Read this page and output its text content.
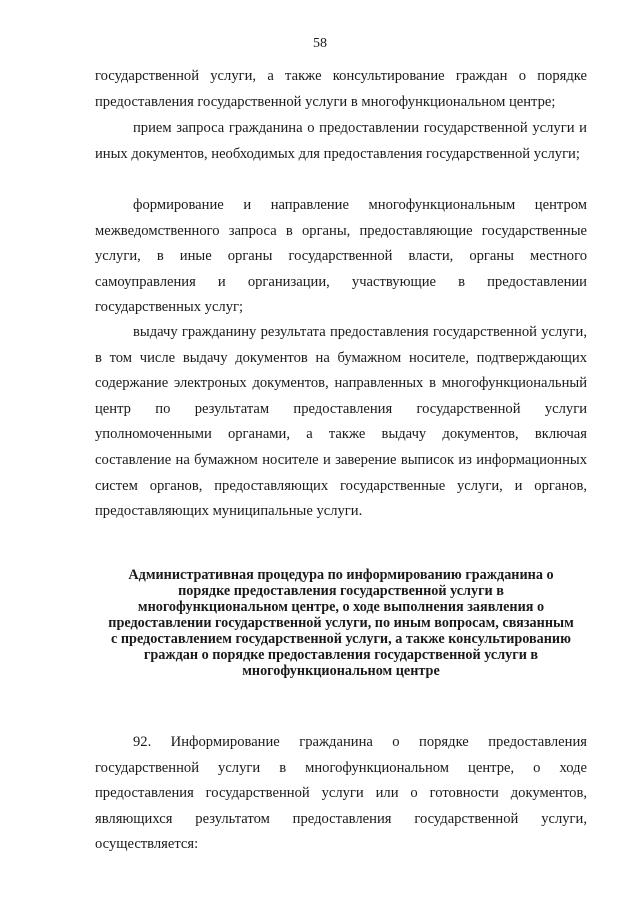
58

государственной услуги, а также консультирование граждан о порядке предоставления государственной услуги в многофункциональном центре;

прием запроса гражданина о предоставлении государственной услуги и иных документов, необходимых для предоставления государственной услуги;

формирование и направление многофункциональным центром межведомственного запроса в органы, предоставляющие государственные услуги, в иные органы государственной власти, органы местного самоуправления и организации, участвующие в предоставлении государственных услуг;

выдачу гражданину результата предоставления государственной услуги, в том числе выдачу документов на бумажном носителе, подтверждающих содержание электроных документов, направленных в многофункциональный центр по результатам предоставления государственной услуги уполномоченными органами, а также выдачу документов, включая составление на бумажном носителе и заверение выписок из информационных систем органов, предоставляющих государственные услуги, и органов, предоставляющих муниципальные услуги.

Административная процедура по информированию гражданина о
порядке предоставления государственной услуги в
многофункциональном центре, о ходе выполнения заявления о
предоставлении государственной услуги, по иным вопросам, связанным
с предоставлением государственной услуги, а также консультированию
граждан о порядке предоставления государственной услуги в
многофункциональном центре

92. Информирование гражданина о порядке предоставления государственной услуги в многофункциональном центре, о ходе предоставления государственной услуги или о готовности документов, являющихся результатом предоставления государственной услуги, осуществляется:
